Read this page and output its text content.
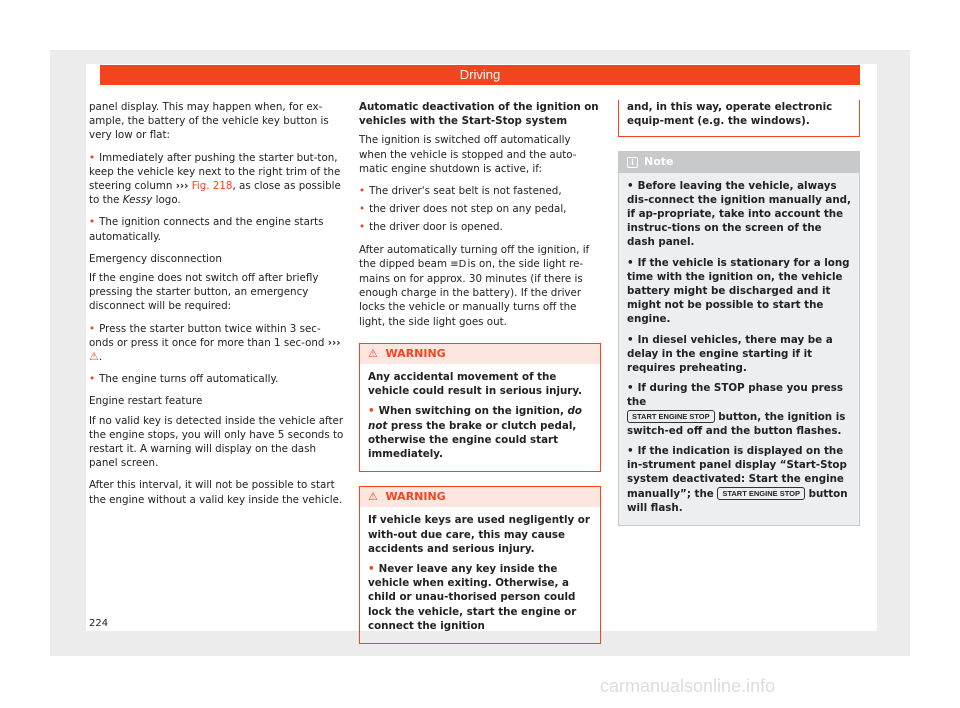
Driving

panel display. This may happen when, for ex-ample, the battery of the vehicle key button is very low or flat:

• Immediately after pushing the starter but-ton, keep the vehicle key next to the right trim of the steering column ››› Fig. 218, as close as possible to the Kessy logo.

• The ignition connects and the engine starts automatically.

Emergency disconnection

If the engine does not switch off after briefly pressing the starter button, an emergency disconnect will be required:

• Press the starter button twice within 3 sec-onds or press it once for more than 1 sec-ond ››› ⚠.

• The engine turns off automatically.

Engine restart feature

If no valid key is detected inside the vehicle after the engine stops, you will only have 5 seconds to restart it. A warning will display on the dash panel screen.

After this interval, it will not be possible to start the engine without a valid key inside the vehicle.

Automatic deactivation of the ignition on vehicles with the Start-Stop system

The ignition is switched off automatically when the vehicle is stopped and the auto-matic engine shutdown is active, if:

• The driver's seat belt is not fastened,

• the driver does not step on any pedal,

• the driver door is opened.

After automatically turning off the ignition, if the dipped beam ≡D is on, the side light re-mains on for approx. 30 minutes (if there is enough charge in the battery). If the driver locks the vehicle or manually turns off the light, the side light goes out.

⚠ WARNING

Any accidental movement of the vehicle could result in serious injury.

• When switching on the ignition, do not press the brake or clutch pedal, otherwise the engine could start immediately.

⚠ WARNING

If vehicle keys are used negligently or with-out due care, this may cause accidents and serious injury.

• Never leave any key inside the vehicle when exiting. Otherwise, a child or unau-thorised person could lock the vehicle, start the engine or connect the ignition

and, in this way, operate electronic equip-ment (e.g. the windows).

i Note

• Before leaving the vehicle, always dis-connect the ignition manually and, if ap-propriate, take into account the instruc-tions on the screen of the dash panel.

• If the vehicle is stationary for a long time with the ignition on, the vehicle battery might be discharged and it might not be possible to start the engine.

• In diesel vehicles, there may be a delay in the engine starting if it requires preheating.

• If during the STOP phase you press the
START ENGINE STOP button, the ignition is switch-ed off and the button flashes.

• If the indication is displayed on the in-strument panel display “Start-Stop system deactivated: Start the engine manually”; the START ENGINE STOP button will flash.

224
carmanualsonline.info
